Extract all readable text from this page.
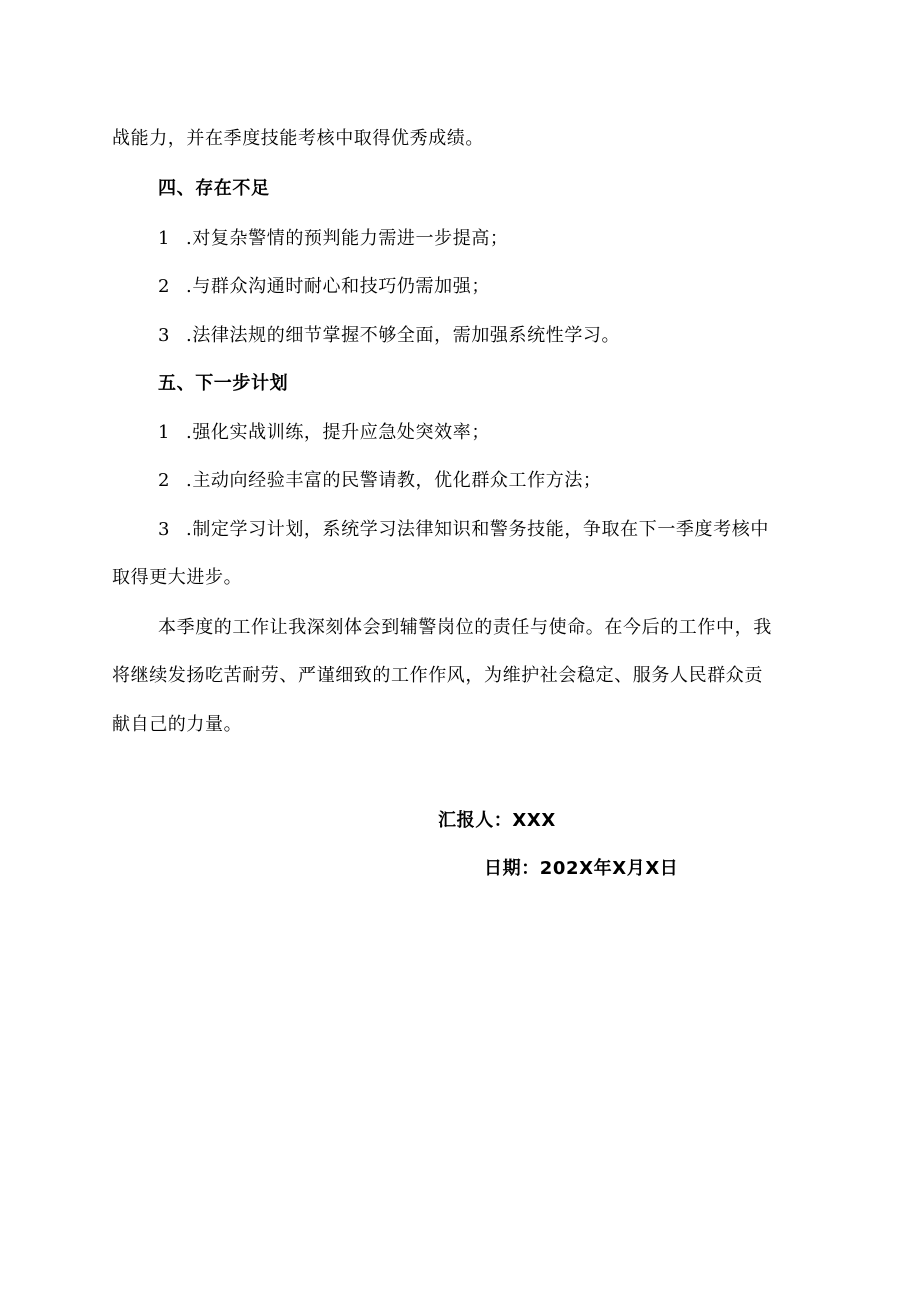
战能力，并在季度技能考核中取得优秀成绩。
四、存在不足
1 .对复杂警情的预判能力需进一步提高；
2 .与群众沟通时耐心和技巧仍需加强；
3 .法律法规的细节掌握不够全面，需加强系统性学习。
五、下一步计划
1 .强化实战训练，提升应急处突效率；
2 .主动向经验丰富的民警请教，优化群众工作方法；
3 .制定学习计划，系统学习法律知识和警务技能，争取在下一季度考核中
取得更大进步。
本季度的工作让我深刻体会到辅警岗位的责任与使命。在今后的工作中，我
将继续发扬吃苦耐劳、严谨细致的工作作风，为维护社会稳定、服务人民群众贡
献自己的力量。
汇报人：XXX
日期：202X年X月X日
